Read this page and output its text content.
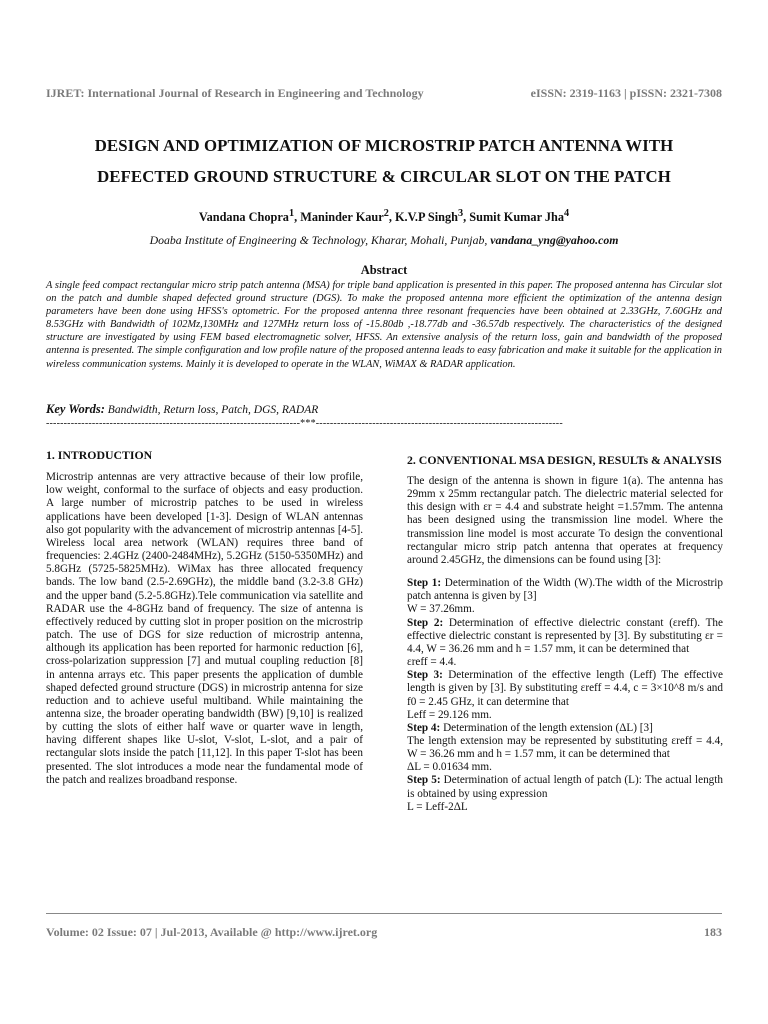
IJRET: International Journal of Research in Engineering and Technology	eISSN: 2319-1163 | pISSN: 2321-7308
DESIGN AND OPTIMIZATION OF MICROSTRIP PATCH ANTENNA WITH
DEFECTED GROUND STRUCTURE & CIRCULAR SLOT ON THE PATCH
Vandana Chopra$^1$, Maninder Kaur$^2$, K.V.P Singh$^3$, Sumit Kumar Jha$^4$
Doaba Institute of Engineering & Technology, Kharar, Mohali, Punjab, vandana_yng@yahoo.com
Abstract
A single feed compact rectangular micro strip patch antenna (MSA) for triple band application is presented in this paper. The proposed antenna has Circular slot on the patch and dumble shaped defected ground structure (DGS). To make the proposed antenna more efficient the optimization of the antenna design parameters have been done using HFSS's optometric. For the proposed antenna three resonant frequencies have been obtained at 2.33GHz, 7.60GHz and 8.53GHz with Bandwidth of 102Mz,130MHz and 127MHz return loss of -15.80db ,-18.77db and -36.57db respectively. The characteristics of the designed structure are investigated by using FEM based electromagnetic solver, HFSS. An extensive analysis of the return loss, gain and bandwidth of the proposed antenna is presented. The simple configuration and low profile nature of the proposed antenna leads to easy fabrication and make it suitable for the application in wireless communication systems. Mainly it is developed to operate in the WLAN, WiMAX & RADAR application.
Key Words: Bandwidth, Return loss, Patch, DGS, RADAR
------------------------------------------------------------------------***----------------------------------------------------------------------
1. INTRODUCTION
Microstrip antennas are very attractive because of their low profile, low weight, conformal to the surface of objects and easy production. A large number of microstrip patches to be used in wireless applications have been developed [1-3]. Design of WLAN antennas also got popularity with the advancement of microstrip antennas [4-5]. Wireless local area network (WLAN) requires three band of frequencies: 2.4GHz (2400-2484MHz), 5.2GHz (5150-5350MHz) and 5.8GHz (5725-5825MHz). WiMax has three allocated frequency bands. The low band (2.5-2.69GHz), the middle band (3.2-3.8 GHz) and the upper band (5.2-5.8GHz).Tele communication via satellite and RADAR use the 4-8GHz band of frequency. The size of antenna is effectively reduced by cutting slot in proper position on the microstrip patch. The use of DGS for size reduction of microstrip antenna, although its application has been reported for harmonic reduction [6], cross-polarization suppression [7] and mutual coupling reduction [8] in antenna arrays etc. This paper presents the application of dumble shaped defected ground structure (DGS) in microstrip antenna for size reduction and to achieve useful multiband. While maintaining the antenna size, the broader operating bandwidth (BW) [9,10] is realized by cutting the slots of either half wave or quarter wave in length, having different shapes like U-slot, V-slot, L-slot, and a pair of rectangular slots inside the patch [11,12]. In this paper T-slot has been presented. The slot introduces a mode near the fundamental mode of the patch and realizes broadband response.
2. CONVENTIONAL MSA DESIGN, RESULTs & ANALYSIS
The design of the antenna is shown in figure 1(a). The antenna has 29mm x 25mm rectangular patch. The dielectric material selected for this design with εr = 4.4 and substrate height =1.57mm. The antenna has been designed using the transmission line model. Where the transmission line model is most accurate To design the conventional rectangular micro strip patch antenna that operates at frequency around 2.45GHz, the dimensions can be found using [3]:

Step 1: Determination of the Width (W).The width of the Microstrip patch antenna is given by [3]

W = 37.26mm.

Step 2: Determination of effective dielectric constant (εreff). The effective dielectric constant is represented by [3]. By substituting εr = 4.4, W = 36.26 mm and h = 1.57 mm, it can be determined that

εreff = 4.4.

Step 3: Determination of the effective length (Leff) The effective length is given by [3]. By substituting εreff = 4.4, c = 3×10^8 m/s and f0 = 2.45 GHz, it can determine that

Leff = 29.126 mm.

Step 4: Determination of the length extension (ΔL) [3]

The length extension may be represented by substituting εreff = 4.4, W = 36.26 mm and h = 1.57 mm, it can be determined that

ΔL = 0.01634 mm.

Step 5: Determination of actual length of patch (L): The actual length is obtained by using expression

L = Leff-2ΔL

Volume: 02 Issue: 07 | Jul-2013, Available @ http://www.ijret.org	183
